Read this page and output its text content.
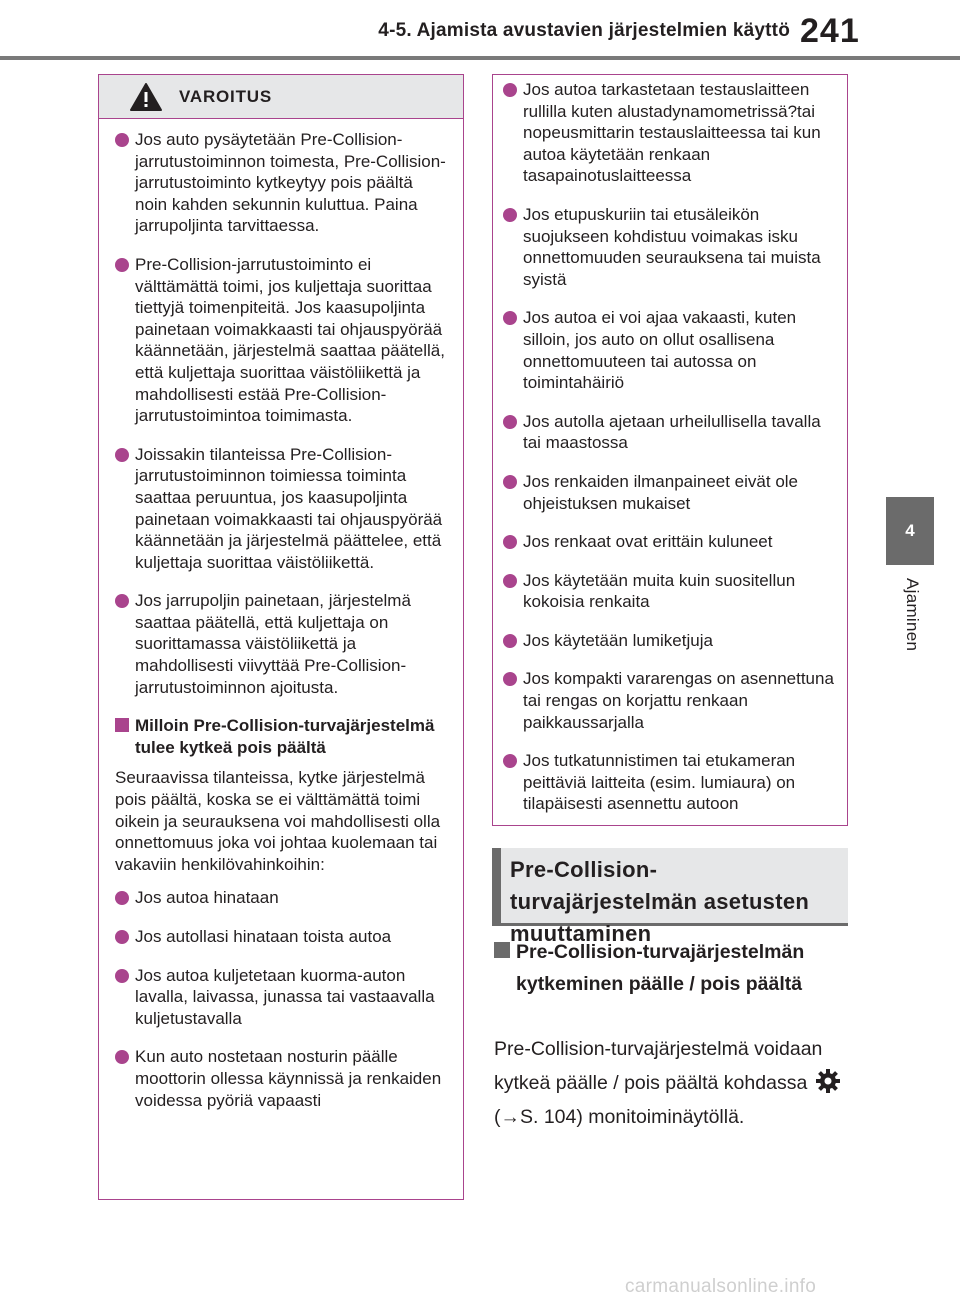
4-5. Ajamista avustavien järjestelmien käyttö 241
4
Ajaminen
VAROITUS
Jos auto pysäytetään Pre-Collision-jarrutustoiminnon toimesta, Pre-Collision-jarrutustoiminto kytkeytyy pois päältä noin kahden sekunnin kuluttua. Paina jarrupoljinta tarvittaessa.
Pre-Collision-jarrutustoiminto ei välttämättä toimi, jos kuljettaja suorittaa tiettyjä toimenpiteitä. Jos kaasupoljinta painetaan voimakkaasti tai ohjauspyörää käännetään, järjestelmä saattaa päätellä, että kuljettaja suorittaa väistöliikettä ja mahdollisesti estää Pre-Collision-jarrutustoimintoa toimimasta.
Joissakin tilanteissa Pre-Collision-jarrutustoiminnon toimiessa toiminta saattaa peruuntua, jos kaasupoljinta painetaan voimakkaasti tai ohjauspyörää käännetään ja järjestelmä päättelee, että kuljettaja suorittaa väistöliikettä.
Jos jarrupoljin painetaan, järjestelmä saattaa päätellä, että kuljettaja on suorittamassa väistöliikettä ja mahdollisesti viivyttää Pre-Collision-jarrutustoiminnon ajoitusta.
Milloin Pre-Collision-turvajärjestelmä tulee kytkeä pois päältä
Seuraavissa tilanteissa, kytke järjestelmä pois päältä, koska se ei välttämättä toimi oikein ja seurauksena voi mahdollisesti olla onnettomuus joka voi johtaa kuolemaan tai vakaviin henkilövahinkoihin:
Jos autoa hinataan
Jos autollasi hinataan toista autoa
Jos autoa kuljetetaan kuorma-auton lavalla, laivassa, junassa tai vastaavalla kuljetustavalla
Kun auto nostetaan nosturin päälle moottorin ollessa käynnissä ja renkaiden voidessa pyöriä vapaasti
Jos autoa tarkastetaan testauslaitteen rullilla kuten alustadynamometrissä?tai nopeusmittarin testauslaitteessa tai kun autoa käytetään renkaan tasapainotuslaitteessa
Jos etupuskuriin tai etusäleikön suojukseen kohdistuu voimakas isku onnettomuuden seurauksena tai muista syistä
Jos autoa ei voi ajaa vakaasti, kuten silloin, jos auto on ollut osallisena onnettomuuteen tai autossa on toimintahäiriö
Jos autolla ajetaan urheilullisella tavalla tai maastossa
Jos renkaiden ilmanpaineet eivät ole ohjeistuksen mukaiset
Jos renkaat ovat erittäin kuluneet
Jos käytetään muita kuin suositellun kokoisia renkaita
Jos käytetään lumiketjuja
Jos kompakti vararengas on asennettuna tai rengas on korjattu renkaan paikkaussarjalla
Jos tutkatunnistimen tai etukameran peittäviä laitteita (esim. lumiaura) on tilapäisesti asennettu autoon
Pre-Collision-turvajärjestelmän asetusten muuttaminen
Pre-Collision-turvajärjestelmän kytkeminen päälle / pois päältä
Pre-Collision-turvajärjestelmä voidaan kytkeä päälle / pois päältä kohdassa  (→S. 104) monitoiminäytöllä.
carmanualsonline.info
